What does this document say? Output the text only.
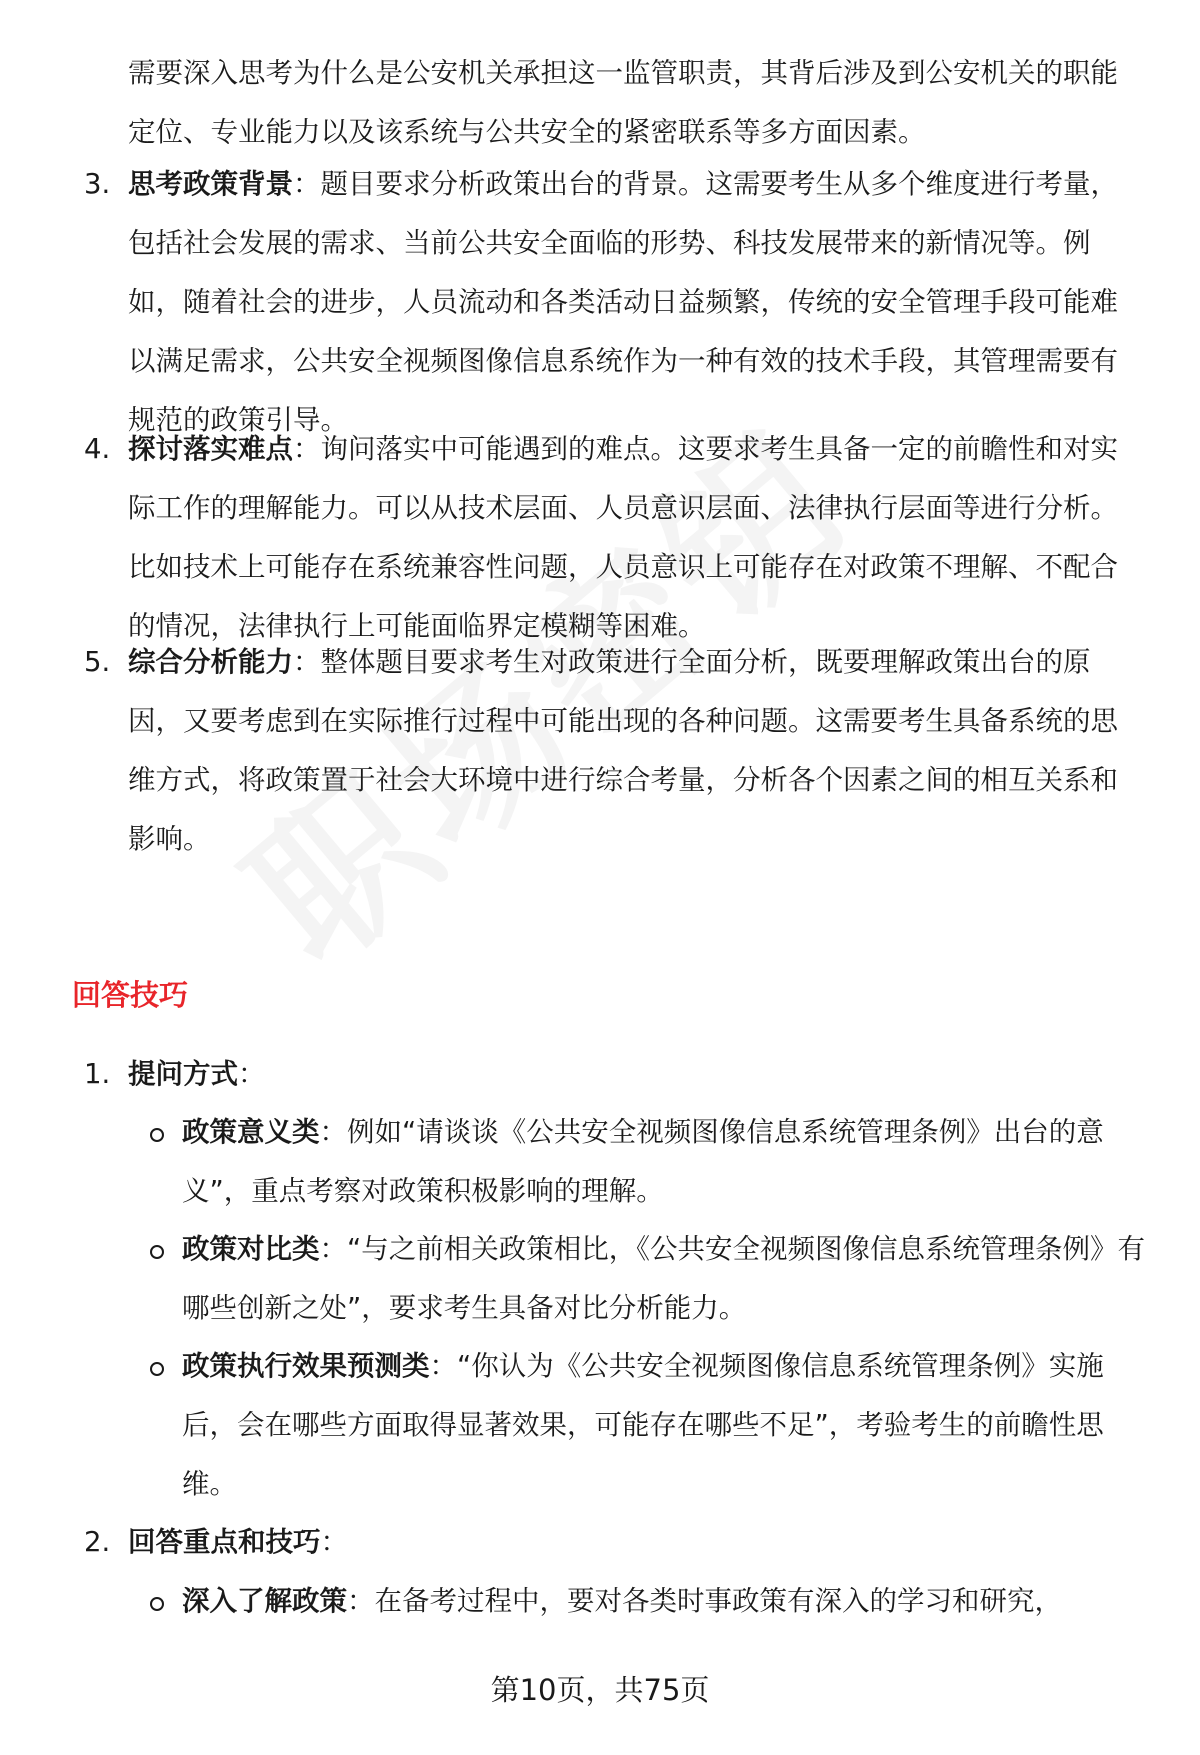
需要深入思考为什么是公安机关承担这一监管职责，其背后涉及到公安机关的职能定位、专业能力以及该系统与公共安全的紧密联系等多方面因素。
3. 思考政策背景：题目要求分析政策出台的背景。这需要考生从多个维度进行考量，包括社会发展的需求、当前公共安全面临的形势、科技发展带来的新情况等。例如，随着社会的进步，人员流动和各类活动日益频繁，传统的安全管理手段可能难以满足需求，公共安全视频图像信息系统作为一种有效的技术手段，其管理需要有规范的政策引导。
4. 探讨落实难点：询问落实中可能遇到的难点。这要求考生具备一定的前瞻性和对实际工作的理解能力。可以从技术层面、人员意识层面、法律执行层面等进行分析。比如技术上可能存在系统兼容性问题，人员意识上可能存在对政策不理解、不配合的情况，法律执行上可能面临界定模糊等困难。
5. 综合分析能力：整体题目要求考生对政策进行全面分析，既要理解政策出台的原因，又要考虑到在实际推行过程中可能出现的各种问题。这需要考生具备系统的思维方式，将政策置于社会大环境中进行综合考量，分析各个因素之间的相互关系和影响。
回答技巧
1. 提问方式：
政策意义类：例如“请谈谈《公共安全视频图像信息系统管理条例》出台的意义”，重点考察对政策积极影响的理解。
政策对比类：“与之前相关政策相比，《公共安全视频图像信息系统管理条例》有哪些创新之处”，要求考生具备对比分析能力。
政策执行效果预测类：“你认为《公共安全视频图像信息系统管理条例》实施后，会在哪些方面取得显著效果，可能存在哪些不足”，考验考生的前瞻性思维。
2. 回答重点和技巧：
深入了解政策：在备考过程中，要对各类时事政策有深入的学习和研究，
第10页，共75页
